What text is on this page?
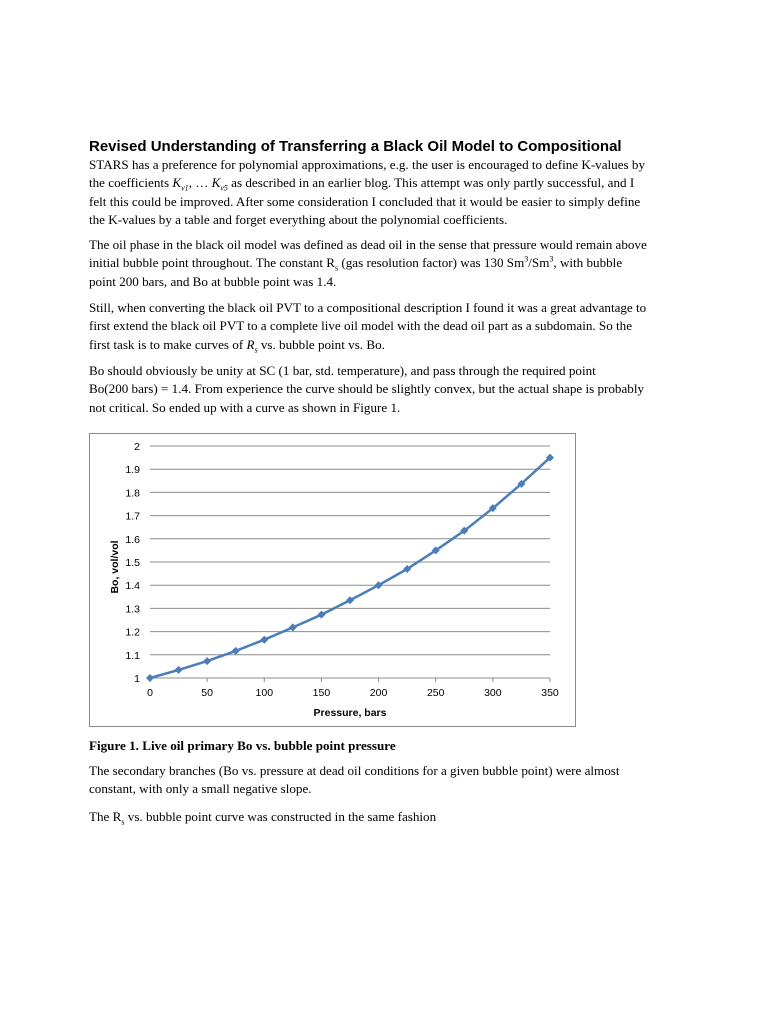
Revised Understanding of Transferring a Black Oil Model to Compositional
STARS has a preference for polynomial approximations, e.g. the user is encouraged to define K-values by
the coefficients $K_{v1}$, … $K_{v5}$ as described in an earlier blog. This attempt was only partly successful, and I
felt this could be improved. After some consideration I concluded that it would be easier to simply define
the K-values by a table and forget everything about the polynomial coefficients.
The oil phase in the black oil model was defined as dead oil in the sense that pressure would remain above
initial bubble point throughout. The constant $R_s$ (gas resolution factor) was 130 Sm$^3$/Sm$^3$, with bubble
point 200 bars, and Bo at bubble point was 1.4.
Still, when converting the black oil PVT to a compositional description I found it was a great advantage to
first extend the black oil PVT to a complete live oil model with the dead oil part as a subdomain. So the
first task is to make curves of $R_s$ vs. bubble point vs. Bo.
Bo should obviously be unity at SC (1 bar, std. temperature), and pass through the required point
Bo(200 bars) = 1.4. From experience the curve should be slightly convex, but the actual shape is probably
not critical. So ended up with a curve as shown in Figure 1.
1
1.1
1.2
1.3
1.4
1.5
1.6
1.7
1.8
1.9
2
0	50	100	150	200	250	300	350
Pressure, bars
Bo, vol/vol
Figure 1. Live oil primary Bo vs. bubble point pressure
The secondary branches (Bo vs. pressure at dead oil conditions for a given bubble point) were almost
constant, with only a small negative slope.
The $R_s$ vs. bubble point curve was constructed in the same fashion
